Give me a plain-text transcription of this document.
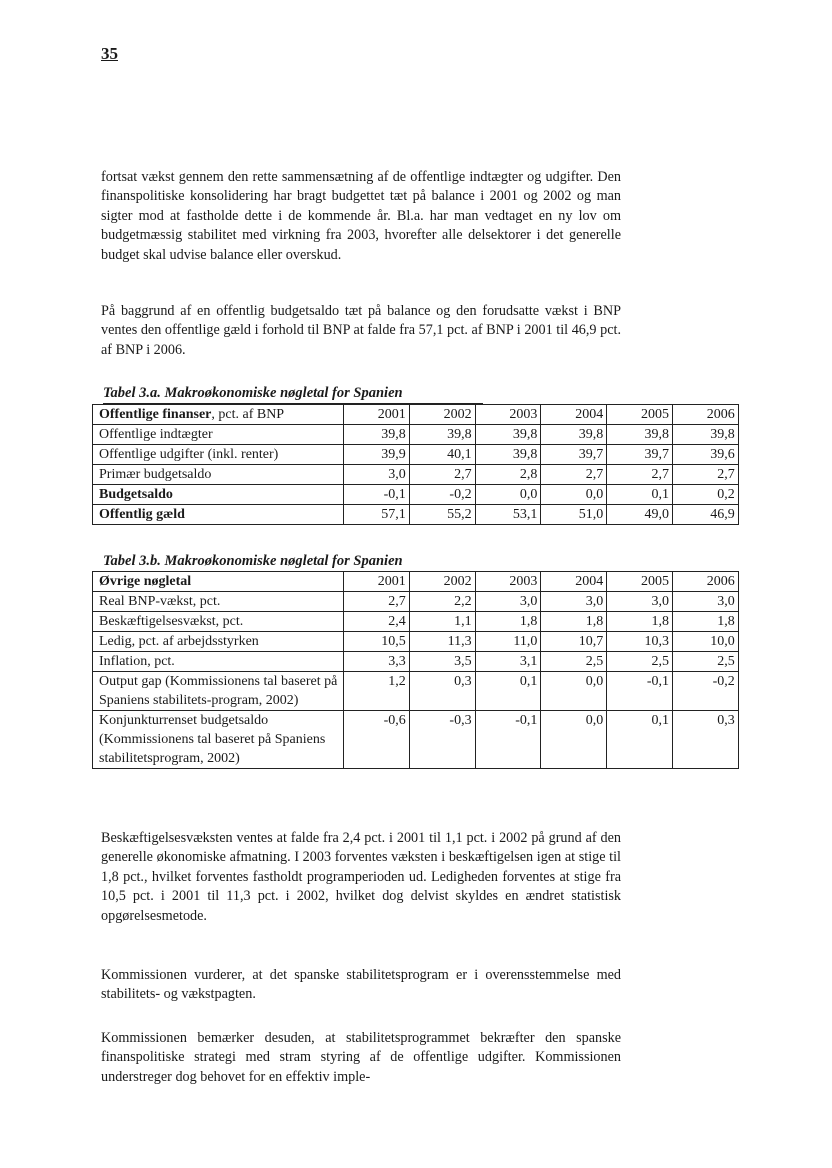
35

fortsat vækst gennem den rette sammensætning af de offentlige indtægter og udgifter. Den finanspolitiske konsolidering har bragt budgettet tæt på balance i 2001 og 2002 og man sigter mod at fastholde dette i de kommende år. Bl.a. har man vedtaget en ny lov om budgetmæssig stabilitet med virkning fra 2003, hvorefter alle delsektorer i det generelle budget skal udvise balance eller overskud.

På baggrund af en offentlig budgetsaldo tæt på balance og den forudsatte vækst i BNP ventes den offentlige gæld i forhold til BNP at falde fra 57,1 pct. af BNP i 2001 til 46,9 pct. af BNP i 2006.

Tabel 3.a. Makroøkonomiske nøgletal for Spanien
Offentlige finanser, pct. af BNP	2001	2002	2003	2004	2005	2006
Offentlige indtægter	39,8	39,8	39,8	39,8	39,8	39,8
Offentlige udgifter (inkl. renter)	39,9	40,1	39,8	39,7	39,7	39,6
Primær budgetsaldo	3,0	2,7	2,8	2,7	2,7	2,7
Budgetsaldo	-0,1	-0,2	0,0	0,0	0,1	0,2
Offentlig gæld	57,1	55,2	53,1	51,0	49,0	46,9
Tabel 3.b. Makroøkonomiske nøgletal for Spanien
Øvrige nøgletal	2001	2002	2003	2004	2005	2006
Real BNP-vækst, pct.	2,7	2,2	3,0	3,0	3,0	3,0
Beskæftigelsesvækst, pct.	2,4	1,1	1,8	1,8	1,8	1,8
Ledig, pct. af arbejdsstyrken	10,5	11,3	11,0	10,7	10,3	10,0
Inflation, pct.	3,3	3,5	3,1	2,5	2,5	2,5
Output gap (Kommissionens tal baseret på Spaniens stabilitets-program, 2002)	1,2	0,3	0,1	0,0	-0,1	-0,2
Konjunkturrenset budgetsaldo (Kommissionens tal baseret på Spaniens stabilitetsprogram, 2002)	-0,6	-0,3	-0,1	0,0	0,1	0,3

Beskæftigelsesvæksten ventes at falde fra 2,4 pct. i 2001 til 1,1 pct. i 2002 på grund af den generelle økonomiske afmatning. I 2003 forventes væksten i beskæftigelsen igen at stige til 1,8 pct., hvilket forventes fastholdt programperioden ud. Ledigheden forventes at stige fra 10,5 pct. i 2001 til 11,3 pct. i 2002, hvilket dog delvist skyldes en ændret statistisk opgørelsesmetode.

Kommissionen vurderer, at det spanske stabilitetsprogram er i overensstemmelse med stabilitets- og vækstpagten.

Kommissionen bemærker desuden, at stabilitetsprogrammet bekræfter den spanske finanspolitiske strategi med stram styring af de offentlige udgifter. Kommissionen understreger dog behovet for en effektiv imple-
